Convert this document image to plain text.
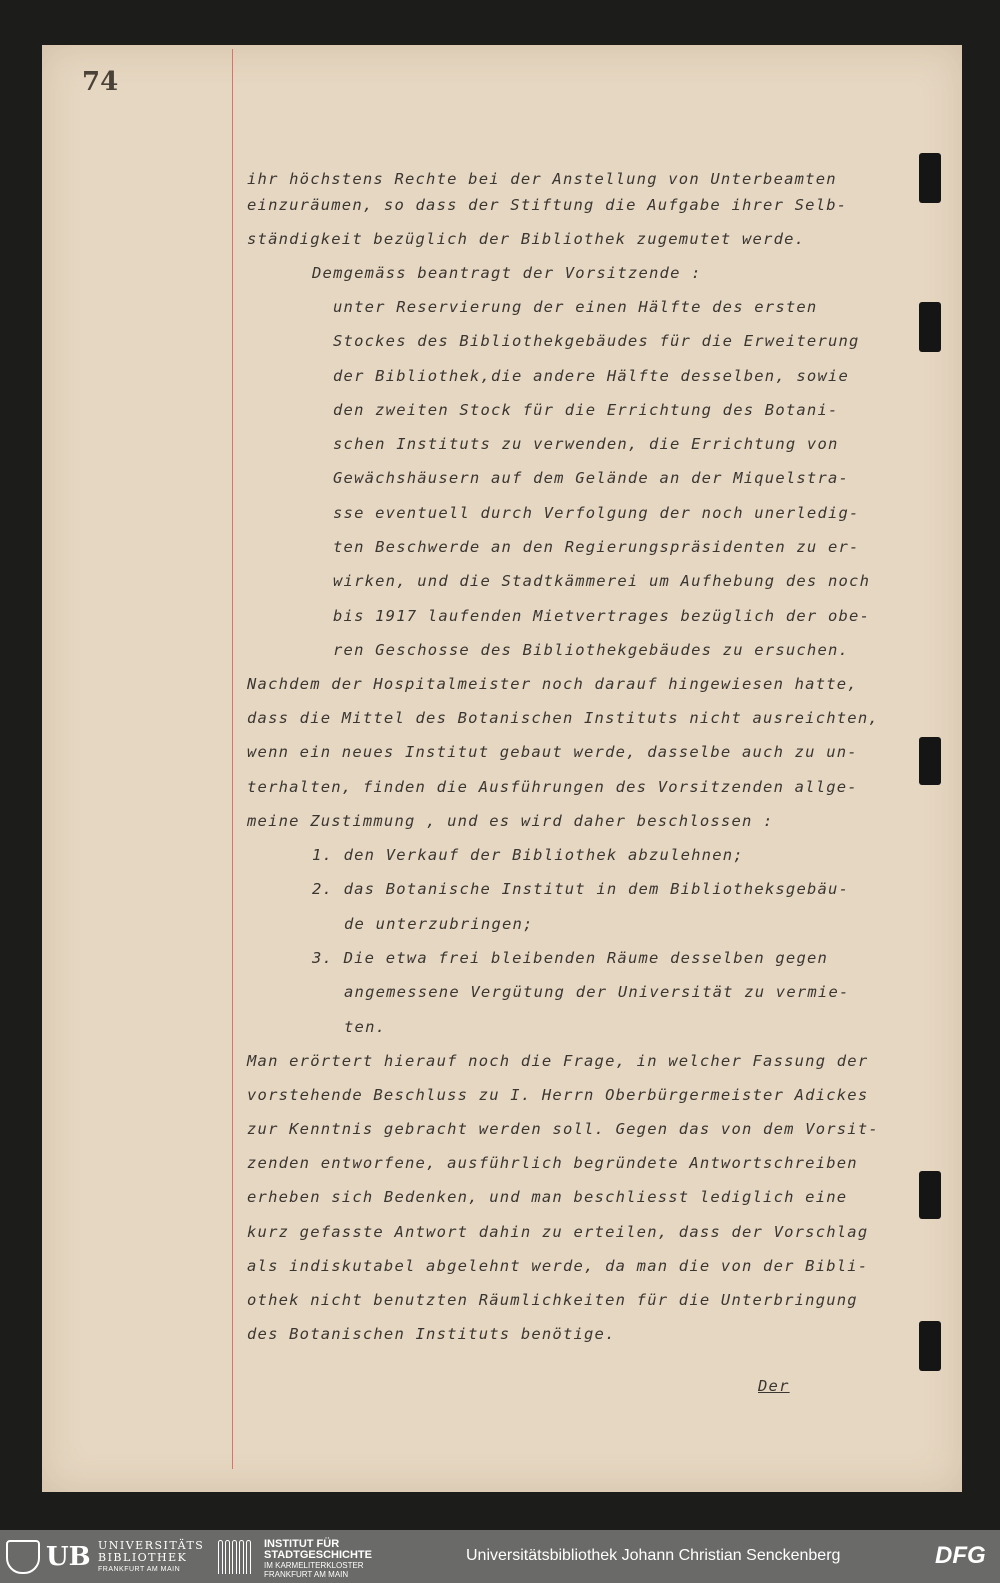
74

ihr höchstens Rechte bei der Anstellung von Unterbeamten

einzuräumen, so dass der Stiftung die Aufgabe ihrer Selb-

ständigkeit bezüglich der Bibliothek zugemutet werde.

Demgemäss beantragt der Vorsitzende :

unter Reservierung der einen Hälfte des ersten

Stockes des Bibliothekgebäudes für die Erweiterung

der Bibliothek,die andere Hälfte desselben, sowie

den zweiten Stock für die Errichtung des Botani-

schen Instituts zu verwenden, die Errichtung von

Gewächshäusern auf dem Gelände an der Miquelstra-

sse eventuell durch Verfolgung der noch unerledig-

ten Beschwerde an den Regierungspräsidenten zu er-

wirken, und die Stadtkämmerei um Aufhebung des noch

bis 1917 laufenden Mietvertrages bezüglich der obe-

ren Geschosse des Bibliothekgebäudes zu ersuchen.

Nachdem der Hospitalmeister noch darauf hingewiesen hatte,

dass die Mittel des Botanischen Instituts nicht ausreichten,

wenn ein neues Institut gebaut werde, dasselbe auch zu un-

terhalten, finden die Ausführungen des Vorsitzenden allge-

meine Zustimmung , und es wird daher beschlossen :

1. den Verkauf der Bibliothek abzulehnen;

2. das Botanische Institut in dem Bibliotheksgebäu-

de unterzubringen;

3. Die etwa frei bleibenden Räume desselben gegen

angemessene Vergütung der Universität zu vermie-

ten.

Man erörtert hierauf noch die Frage, in welcher Fassung der

vorstehende Beschluss zu I. Herrn Oberbürgermeister Adickes

zur Kenntnis gebracht werden soll. Gegen das von dem Vorsit-

zenden entworfene, ausführlich begründete Antwortschreiben

erheben sich Bedenken, und man beschliesst lediglich eine

kurz gefasste Antwort dahin zu erteilen, dass der Vorschlag

als indiskutabel abgelehnt werde, da man die von der Bibli-

othek nicht benutzten Räumlichkeiten für die Unterbringung

des Botanischen Instituts benötige.

Der

UB UNIVERSITÄTS
BIBLIOTHEK
FRANKFURT AM MAIN
INSTITUT FÜR
STADTGESCHICHTE
IM KARMELITERKLOSTER
FRANKFURT AM MAIN
Universitätsbibliothek Johann Christian Senckenberg	DFG
